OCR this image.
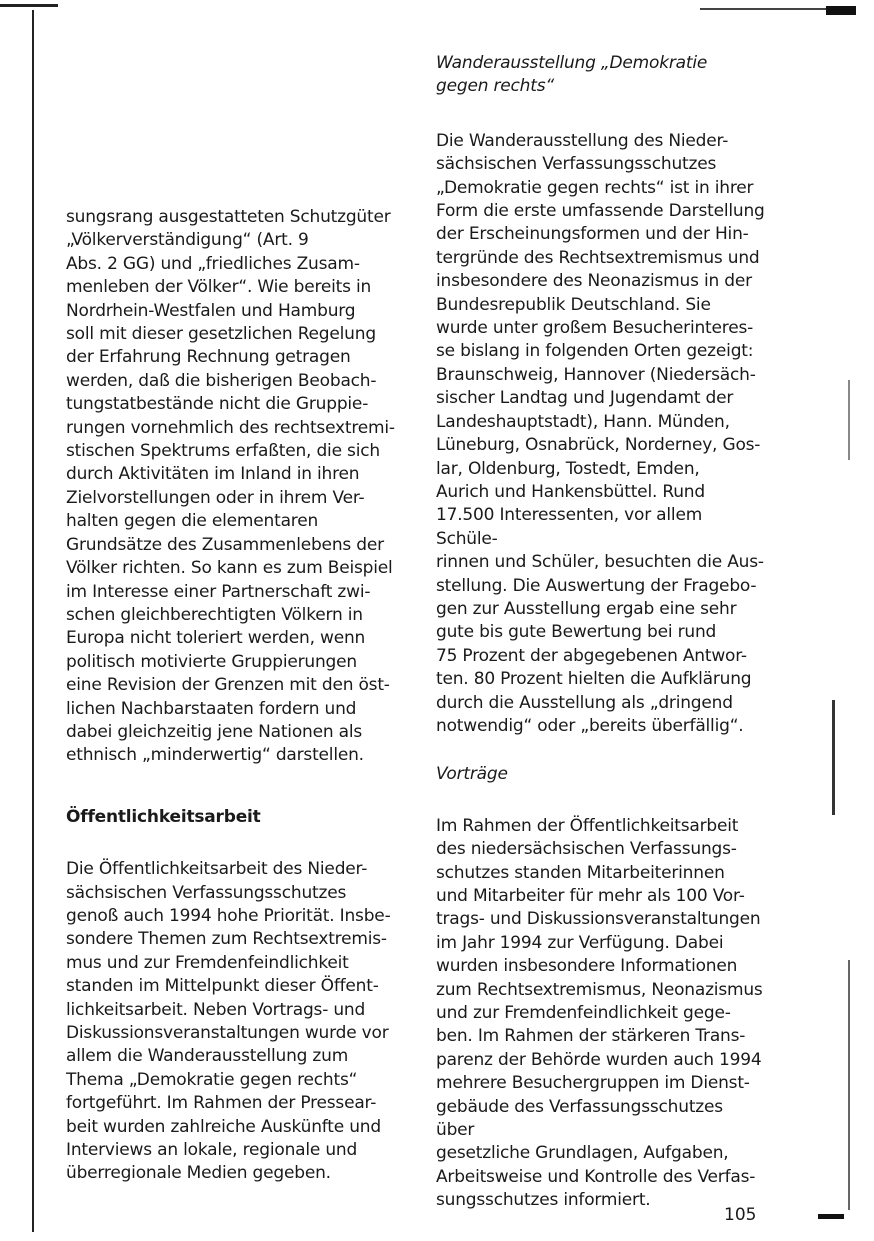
sungsrang ausgestatteten Schutzgüter
„Völkerverständigung“ (Art. 9
Abs. 2 GG) und „friedliches Zusam-
menleben der Völker“. Wie bereits in
Nordrhein-Westfalen und Hamburg
soll mit dieser gesetzlichen Regelung
der Erfahrung Rechnung getragen
werden, daß die bisherigen Beobach-
tungstatbestände nicht die Gruppie-
rungen vornehmlich des rechtsextremi-
stischen Spektrums erfaßten, die sich
durch Aktivitäten im Inland in ihren
Zielvorstellungen oder in ihrem Ver-
halten gegen die elementaren
Grundsätze des Zusammenlebens der
Völker richten. So kann es zum Beispiel
im Interesse einer Partnerschaft zwi-
schen gleichberechtigten Völkern in
Europa nicht toleriert werden, wenn
politisch motivierte Gruppierungen
eine Revision der Grenzen mit den öst-
lichen Nachbarstaaten fordern und
dabei gleichzeitig jene Nationen als
ethnisch „minderwertig“ darstellen.

Öffentlichkeitsarbeit

Die Öffentlichkeitsarbeit des Nieder-
sächsischen Verfassungsschutzes
genoß auch 1994 hohe Priorität. Insbe-
sondere Themen zum Rechtsextremis-
mus und zur Fremdenfeindlichkeit
standen im Mittelpunkt dieser Öffent-
lichkeitsarbeit. Neben Vortrags- und
Diskussionsveranstaltungen wurde vor
allem die Wanderausstellung zum
Thema „Demokratie gegen rechts“
fortgeführt. Im Rahmen der Pressear-
beit wurden zahlreiche Auskünfte und
Interviews an lokale, regionale und
überregionale Medien gegeben.

Wanderausstellung „Demokratie
gegen rechts“

Die Wanderausstellung des Nieder-
sächsischen Verfassungsschutzes
„Demokratie gegen rechts“ ist in ihrer
Form die erste umfassende Darstellung
der Erscheinungsformen und der Hin-
tergründe des Rechtsextremismus und
insbesondere des Neonazismus in der
Bundesrepublik Deutschland. Sie
wurde unter großem Besucherinteres-
se bislang in folgenden Orten gezeigt:
Braunschweig, Hannover (Niedersäch-
sischer Landtag und Jugendamt der
Landeshauptstadt), Hann. Münden,
Lüneburg, Osnabrück, Norderney, Gos-
lar, Oldenburg, Tostedt, Emden,
Aurich und Hankensbüttel. Rund
17.500 Interessenten, vor allem Schüle-
rinnen und Schüler, besuchten die Aus-
stellung. Die Auswertung der Fragebo-
gen zur Ausstellung ergab eine sehr
gute bis gute Bewertung bei rund
75 Prozent der abgegebenen Antwor-
ten. 80 Prozent hielten die Aufklärung
durch die Ausstellung als „dringend
notwendig“ oder „bereits überfällig“.

Vorträge

Im Rahmen der Öffentlichkeitsarbeit
des niedersächsischen Verfassungs-
schutzes standen Mitarbeiterinnen
und Mitarbeiter für mehr als 100 Vor-
trags- und Diskussionsveranstaltungen
im Jahr 1994 zur Verfügung. Dabei
wurden insbesondere Informationen
zum Rechtsextremismus, Neonazismus
und zur Fremdenfeindlichkeit gege-
ben. Im Rahmen der stärkeren Trans-
parenz der Behörde wurden auch 1994
mehrere Besuchergruppen im Dienst-
gebäude des Verfassungsschutzes über
gesetzliche Grundlagen, Aufgaben,
Arbeitsweise und Kontrolle des Verfas-
sungsschutzes informiert.

105
